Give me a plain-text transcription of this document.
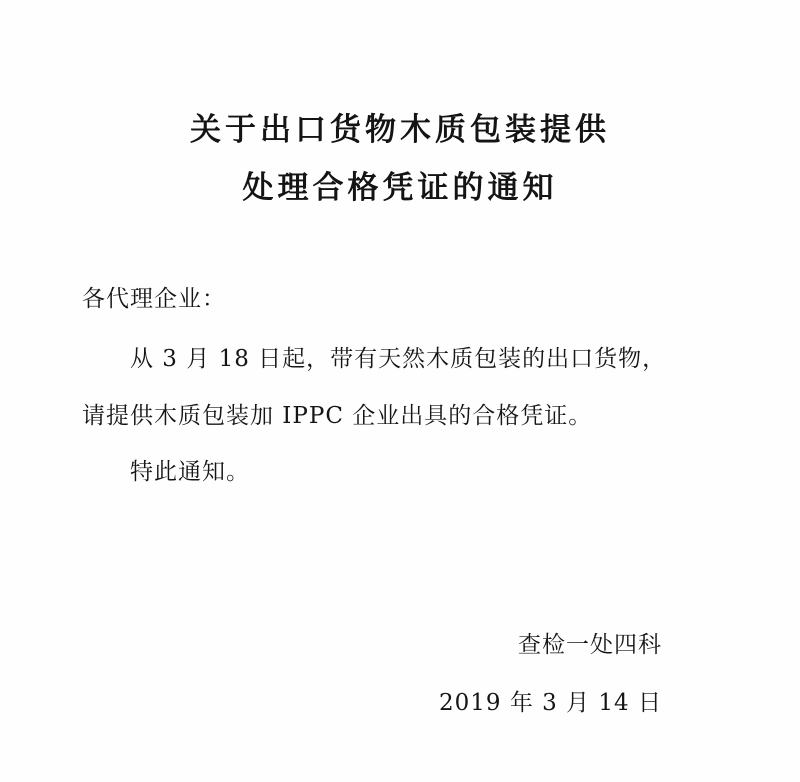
关于出口货物木质包装提供
处理合格凭证的通知
各代理企业：
从 3 月 18 日起，带有天然木质包装的出口货物，
请提供木质包装加 IPPC 企业出具的合格凭证。
特此通知。
查检一处四科
2019 年 3 月 14 日
